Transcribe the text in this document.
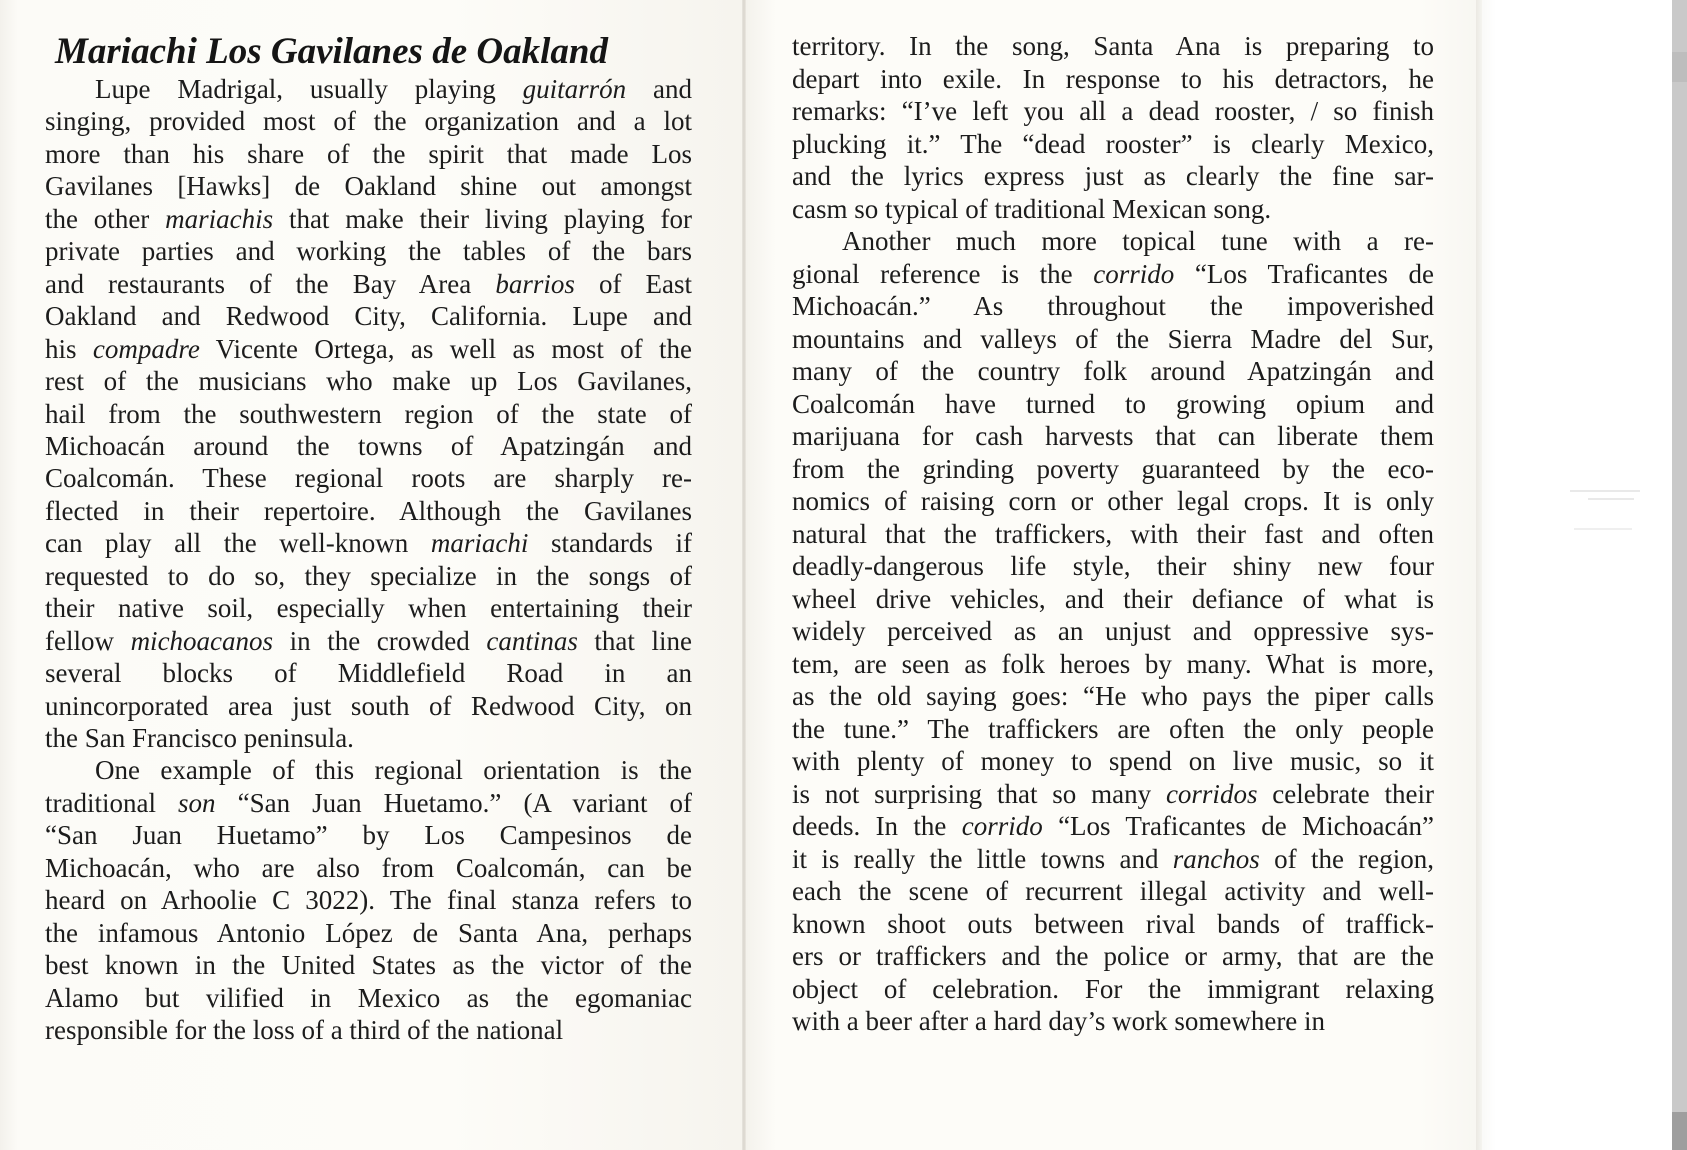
Mariachi Los Gavilanes de Oakland

Lupe Madrigal, usually playing guitarrón and

singing, provided most of the organization and a lot

more than his share of the spirit that made Los

Gavilanes [Hawks] de Oakland shine out amongst

the other mariachis that make their living playing for

private parties and working the tables of the bars

and restaurants of the Bay Area barrios of East

Oakland and Redwood City, California. Lupe and

his compadre Vicente Ortega, as well as most of the

rest of the musicians who make up Los Gavilanes,

hail from the southwestern region of the state of

Michoacán around the towns of Apatzingán and

Coalcomán. These regional roots are sharply re-

flected in their repertoire. Although the Gavilanes

can play all the well-known mariachi standards if

requested to do so, they specialize in the songs of

their native soil, especially when entertaining their

fellow michoacanos in the crowded cantinas that line

several blocks of Middlefield Road in an

unincorporated area just south of Redwood City, on

the San Francisco peninsula.

One example of this regional orientation is the

traditional son “San Juan Huetamo.” (A variant of

“San Juan Huetamo” by Los Campesinos de

Michoacán, who are also from Coalcomán, can be

heard on Arhoolie C 3022). The final stanza refers to

the infamous Antonio López de Santa Ana, perhaps

best known in the United States as the victor of the

Alamo but vilified in Mexico as the egomaniac

responsible for the loss of a third of the national

territory. In the song, Santa Ana is preparing to

depart into exile. In response to his detractors, he

remarks: “I’ve left you all a dead rooster, / so finish

plucking it.” The “dead rooster” is clearly Mexico,

and the lyrics express just as clearly the fine sar-

casm so typical of traditional Mexican song.

Another much more topical tune with a re-

gional reference is the corrido “Los Traficantes de

Michoacán.” As throughout the impoverished

mountains and valleys of the Sierra Madre del Sur,

many of the country folk around Apatzingán and

Coalcomán have turned to growing opium and

marijuana for cash harvests that can liberate them

from the grinding poverty guaranteed by the eco-

nomics of raising corn or other legal crops. It is only

natural that the traffickers, with their fast and often

deadly-dangerous life style, their shiny new four

wheel drive vehicles, and their defiance of what is

widely perceived as an unjust and oppressive sys-

tem, are seen as folk heroes by many. What is more,

as the old saying goes: “He who pays the piper calls

the tune.” The traffickers are often the only people

with plenty of money to spend on live music, so it

is not surprising that so many corridos celebrate their

deeds. In the corrido “Los Traficantes de Michoacán”

it is really the little towns and ranchos of the region,

each the scene of recurrent illegal activity and well-

known shoot outs between rival bands of traffick-

ers or traffickers and the police or army, that are the

object of celebration. For the immigrant relaxing

with a beer after a hard day’s work somewhere in
